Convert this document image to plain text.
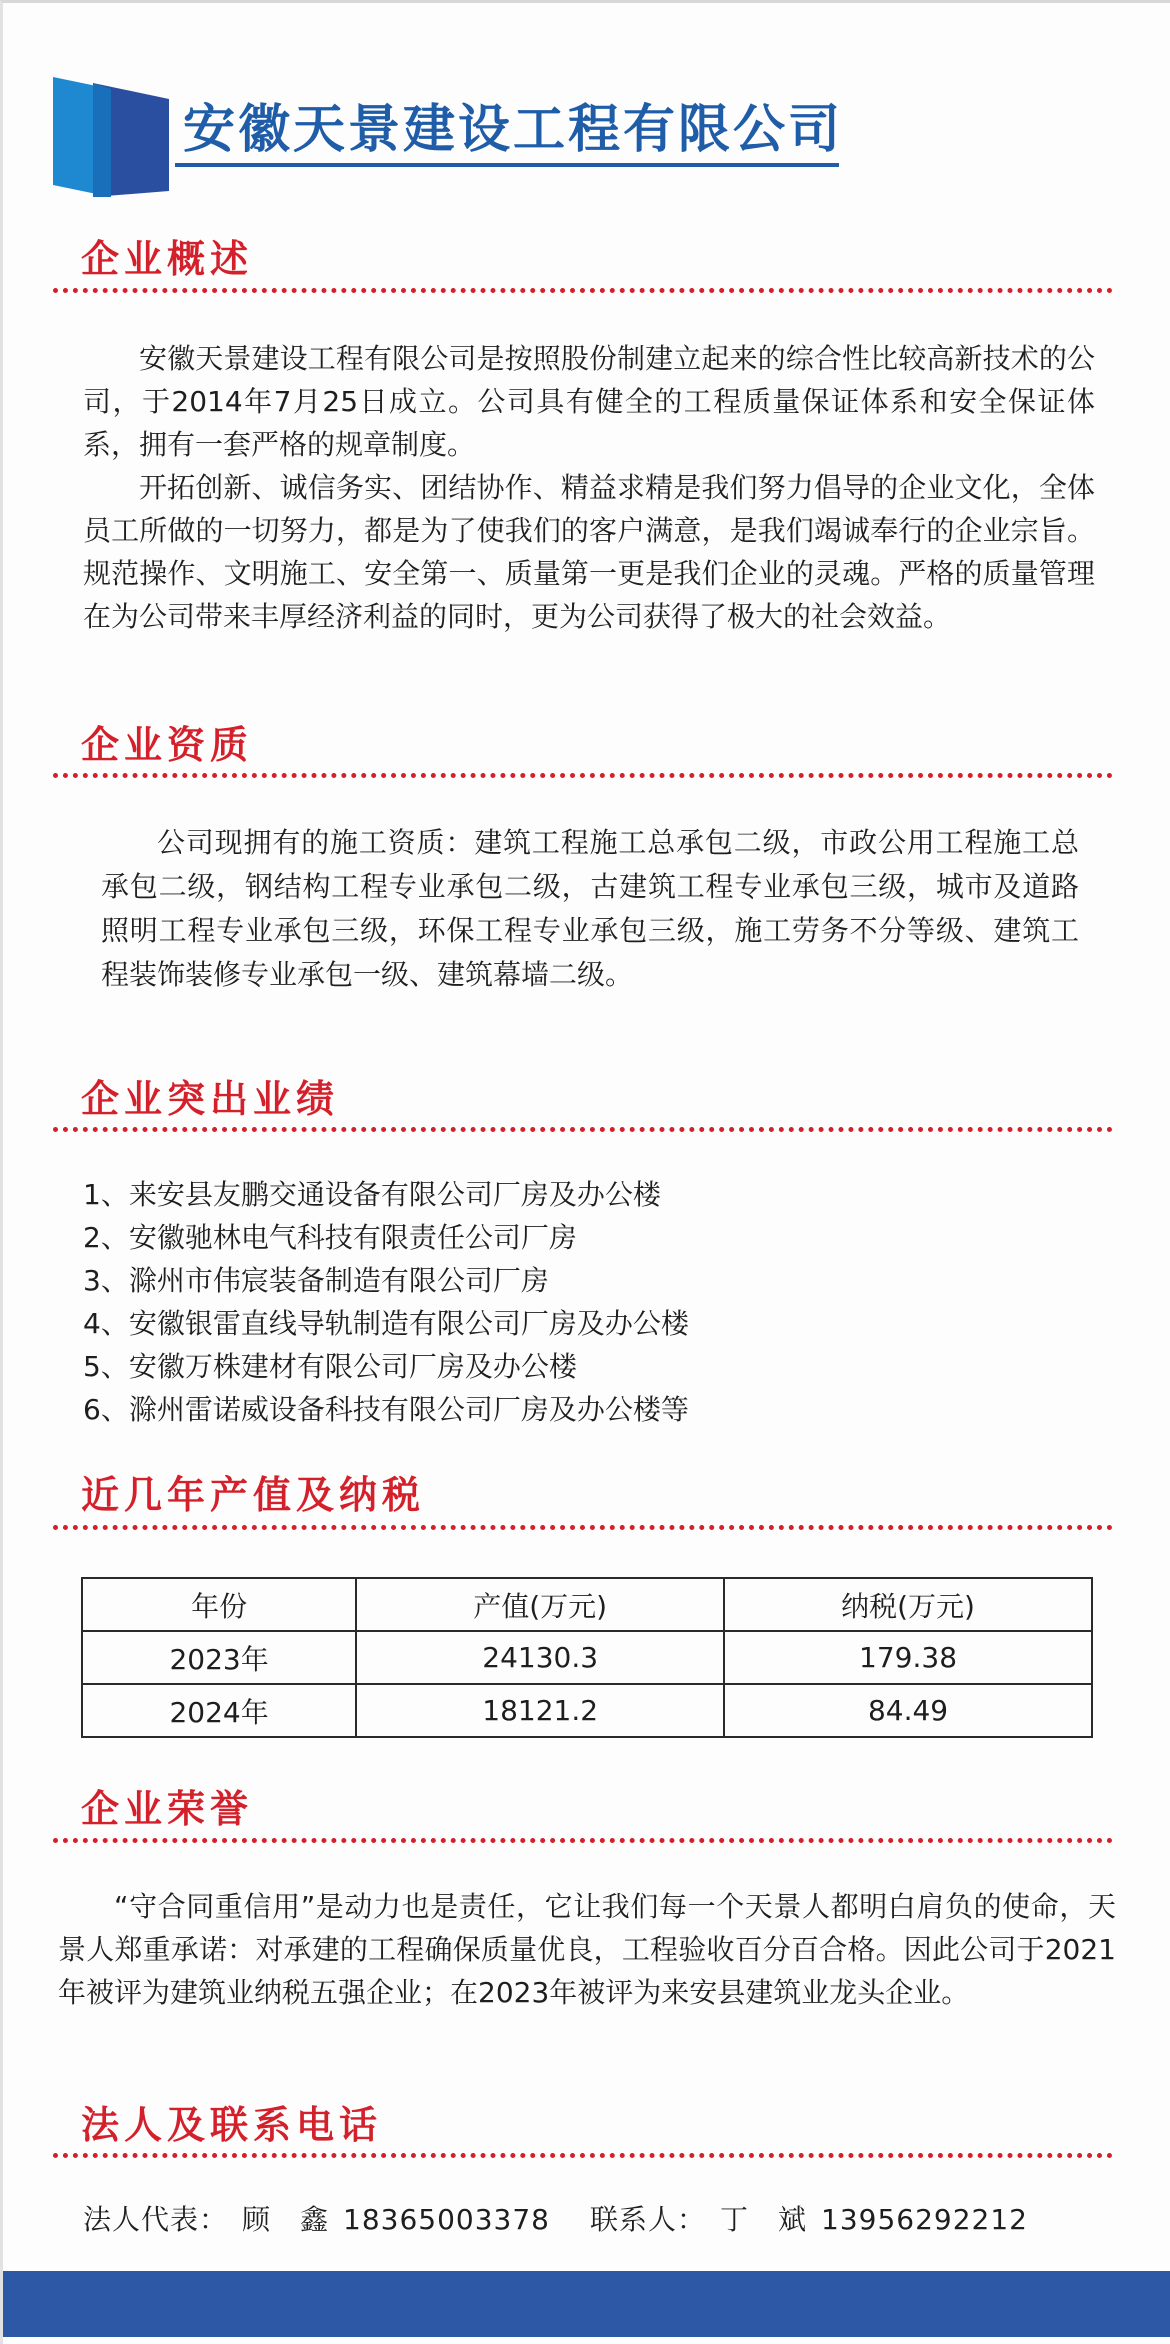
安徽天景建设工程有限公司
企业概述

安徽天景建设工程有限公司是按照股份制建立起来的综合性比较高新技术的公司，于2014年7月25日成立。公司具有健全的工程质量保证体系和安全保证体系，拥有一套严格的规章制度。

开拓创新、诚信务实、团结协作、精益求精是我们努力倡导的企业文化，全体员工所做的一切努力，都是为了使我们的客户满意，是我们竭诚奉行的企业宗旨。规范操作、文明施工、安全第一、质量第一更是我们企业的灵魂。严格的质量管理在为公司带来丰厚经济利益的同时，更为公司获得了极大的社会效益。

企业资质

公司现拥有的施工资质：建筑工程施工总承包二级，市政公用工程施工总承包二级，钢结构工程专业承包二级，古建筑工程专业承包三级，城市及道路照明工程专业承包三级，环保工程专业承包三级，施工劳务不分等级、建筑工程装饰装修专业承包一级、建筑幕墙二级。

企业突出业绩
1、来安县友鹏交通设备有限公司厂房及办公楼
2、安徽驰林电气科技有限责任公司厂房
3、滁州市伟宸装备制造有限公司厂房
4、安徽银雷直线导轨制造有限公司厂房及办公楼
5、安徽万株建材有限公司厂房及办公楼
6、滁州雷诺威设备科技有限公司厂房及办公楼等
近几年产值及纳税
年份	产值(万元)	纳税(万元)
2023年	24130.3	179.38
2024年	18121.2	84.49
企业荣誉

“守合同重信用”是动力也是责任，它让我们每一个天景人都明白肩负的使命，天景人郑重承诺：对承建的工程确保质量优良，工程验收百分百合格。因此公司于2021年被评为建筑业纳税五强企业；在2023年被评为来安县建筑业龙头企业。

法人及联系电话
法人代表： 顾　鑫 18365003378 联系人： 丁　斌 13956292212
